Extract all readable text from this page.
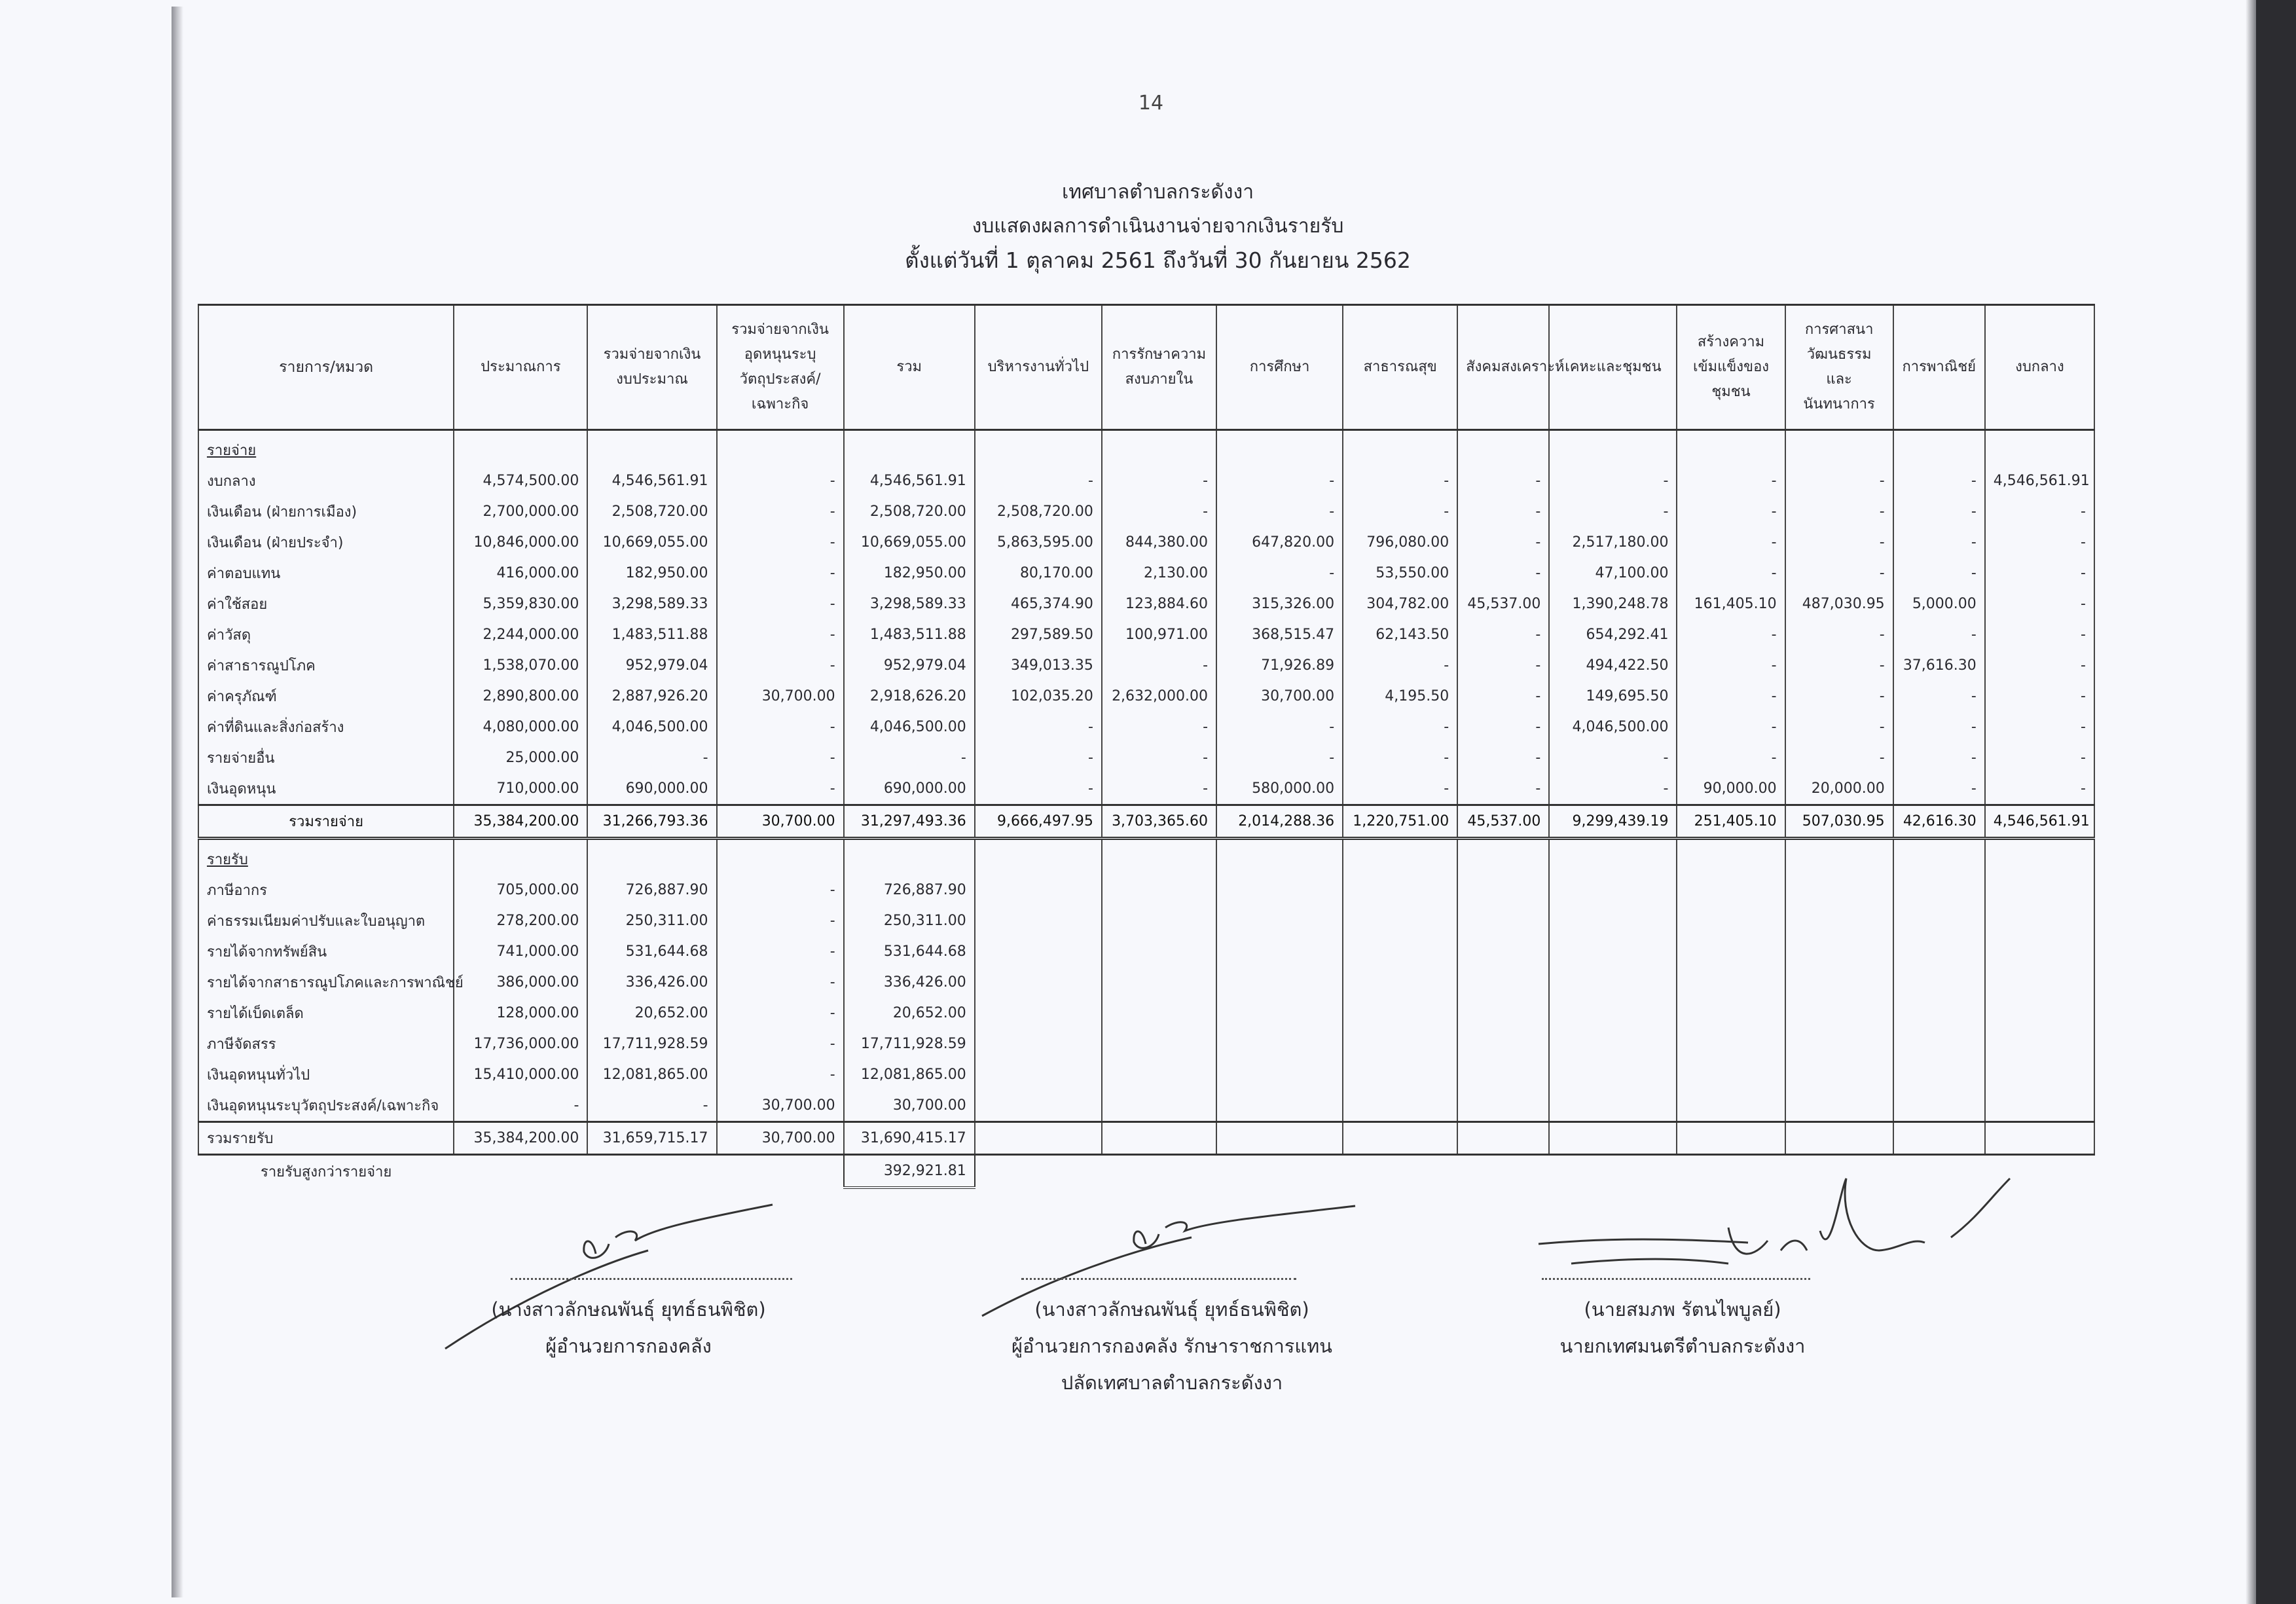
14
เทศบาลตำบลกระดังงา
งบแสดงผลการดำเนินงานจ่ายจากเงินรายรับ
ตั้งแต่วันที่ 1 ตุลาคม 2561 ถึงวันที่ 30 กันยายน 2562
รายการ/หมวด	ประมาณการ	รวมจ่ายจากเงินงบประมาณ	รวมจ่ายจากเงินอุดหนุนระบุวัตถุประสงค์/เฉพาะกิจ	รวม	บริหารงานทั่วไป	การรักษาความสงบภายใน	การศึกษา	สาธารณสุข	สังคมสงเคราะห์	เคหะและชุมชน	สร้างความเข้มแข็งของชุมชน	การศาสนา วัฒนธรรม และนันทนาการ	การพาณิชย์	งบกลาง
รายจ่าย														
งบกลาง	4,574,500.00	4,546,561.91	-	4,546,561.91	-	-	-	-	-	-	-	-	-	4,546,561.91
เงินเดือน (ฝ่ายการเมือง)	2,700,000.00	2,508,720.00	-	2,508,720.00	2,508,720.00	-	-	-	-	-	-	-	-	-
เงินเดือน (ฝ่ายประจำ)	10,846,000.00	10,669,055.00	-	10,669,055.00	5,863,595.00	844,380.00	647,820.00	796,080.00	-	2,517,180.00	-	-	-	-
ค่าตอบแทน	416,000.00	182,950.00	-	182,950.00	80,170.00	2,130.00	-	53,550.00	-	47,100.00	-	-	-	-
ค่าใช้สอย	5,359,830.00	3,298,589.33	-	3,298,589.33	465,374.90	123,884.60	315,326.00	304,782.00	45,537.00	1,390,248.78	161,405.10	487,030.95	5,000.00	-
ค่าวัสดุ	2,244,000.00	1,483,511.88	-	1,483,511.88	297,589.50	100,971.00	368,515.47	62,143.50	-	654,292.41	-	-	-	-
ค่าสาธารณูปโภค	1,538,070.00	952,979.04	-	952,979.04	349,013.35	-	71,926.89	-	-	494,422.50	-	-	37,616.30	-
ค่าครุภัณฑ์	2,890,800.00	2,887,926.20	30,700.00	2,918,626.20	102,035.20	2,632,000.00	30,700.00	4,195.50	-	149,695.50	-	-	-	-
ค่าที่ดินและสิ่งก่อสร้าง	4,080,000.00	4,046,500.00	-	4,046,500.00	-	-	-	-	-	4,046,500.00	-	-	-	-
รายจ่ายอื่น	25,000.00	-	-	-	-	-	-	-	-	-	-	-	-	-
เงินอุดหนุน	710,000.00	690,000.00	-	690,000.00	-	-	580,000.00	-	-	-	90,000.00	20,000.00	-	-
รวมรายจ่าย	35,384,200.00	31,266,793.36	30,700.00	31,297,493.36	9,666,497.95	3,703,365.60	2,014,288.36	1,220,751.00	45,537.00	9,299,439.19	251,405.10	507,030.95	42,616.30	4,546,561.91
รายรับ														
ภาษีอากร	705,000.00	726,887.90	-	726,887.90										
ค่าธรรมเนียมค่าปรับและใบอนุญาต	278,200.00	250,311.00	-	250,311.00										
รายได้จากทรัพย์สิน	741,000.00	531,644.68	-	531,644.68										
รายได้จากสาธารณูปโภคและการพาณิชย์	386,000.00	336,426.00	-	336,426.00										
รายได้เบ็ดเตล็ด	128,000.00	20,652.00	-	20,652.00										
ภาษีจัดสรร	17,736,000.00	17,711,928.59	-	17,711,928.59										
เงินอุดหนุนทั่วไป	15,410,000.00	12,081,865.00	-	12,081,865.00										
เงินอุดหนุนระบุวัตถุประสงค์/เฉพาะกิจ	-	-	30,700.00	30,700.00										
รวมรายรับ	35,384,200.00	31,659,715.17	30,700.00	31,690,415.17										
รายรับสูงกว่ารายจ่าย				392,921.81										
(นางสาวลักษณพันธุ์ ยุทธ์ธนพิชิต)
ผู้อำนวยการกองคลัง
(นางสาวลักษณพันธุ์ ยุทธ์ธนพิชิต)
ผู้อำนวยการกองคลัง รักษาราชการแทน
ปลัดเทศบาลตำบลกระดังงา
(นายสมภพ รัตนไพบูลย์)
นายกเทศมนตรีตำบลกระดังงา
